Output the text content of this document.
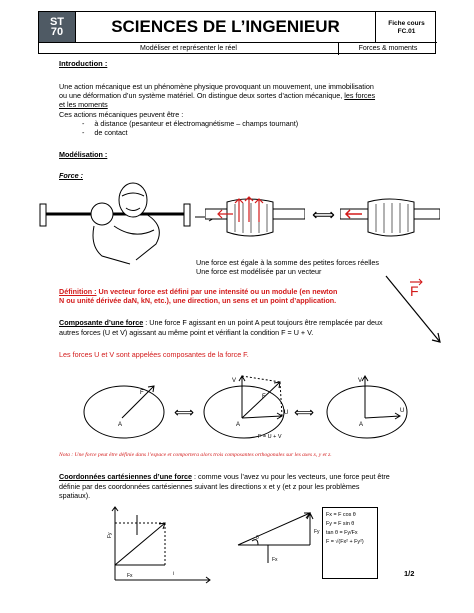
ST
70	SCIENCES DE L’INGENIEUR	Fiche cours
FC.01
Modéliser et représenter le réel	Forces & moments
Introduction :
Une action mécanique est un phénomène physique provoquant un mouvement, une immobilisation
ou une déformation d’un système matériel. On distingue deux sortes d’action mécanique, les forces
et les moments
Ces actions mécaniques peuvent être :
-     à distance (pesanteur et électromagnétisme – champs tournant)
-     de contact
Modélisation :
Force :
⟺
Une force est égale à la somme des petites forces réelles
Une force est modélisée par un vecteur
F
Définition : Un vecteur force est défini par une intensité ou un module (en newton
N ou unité dérivée daN, kN, etc.), une direction, un sens et un point d’application.
Composante d’une force : Une force F agissant en un point A peut toujours être remplacée par deux
autres forces (U et V) agissant au même point et vérifiant la condition F = U + V.
Les forces U et V sont appelées composantes de la force F.
A
F
⟺
A
V
F
U
F = U + V
⟺
A
V
U
Nota : Une force peut être définie dans l’espace et comportera alors trois composantes orthogonales sur les axes x, y et z.
Coordonnées cartésiennes d’une force : comme vous l’avez vu pour les vecteurs, une force peut être
définie par des coordonnées cartésiennes suivant les directions x et y (et z pour les problèmes
spatiaux).
Fy
Fx	i
θ
Fy
Fx
Fx = F cos θ
Fy = F sin θ
tan θ = Fy/Fx
F = √(Fx² + Fy²)
1/2
